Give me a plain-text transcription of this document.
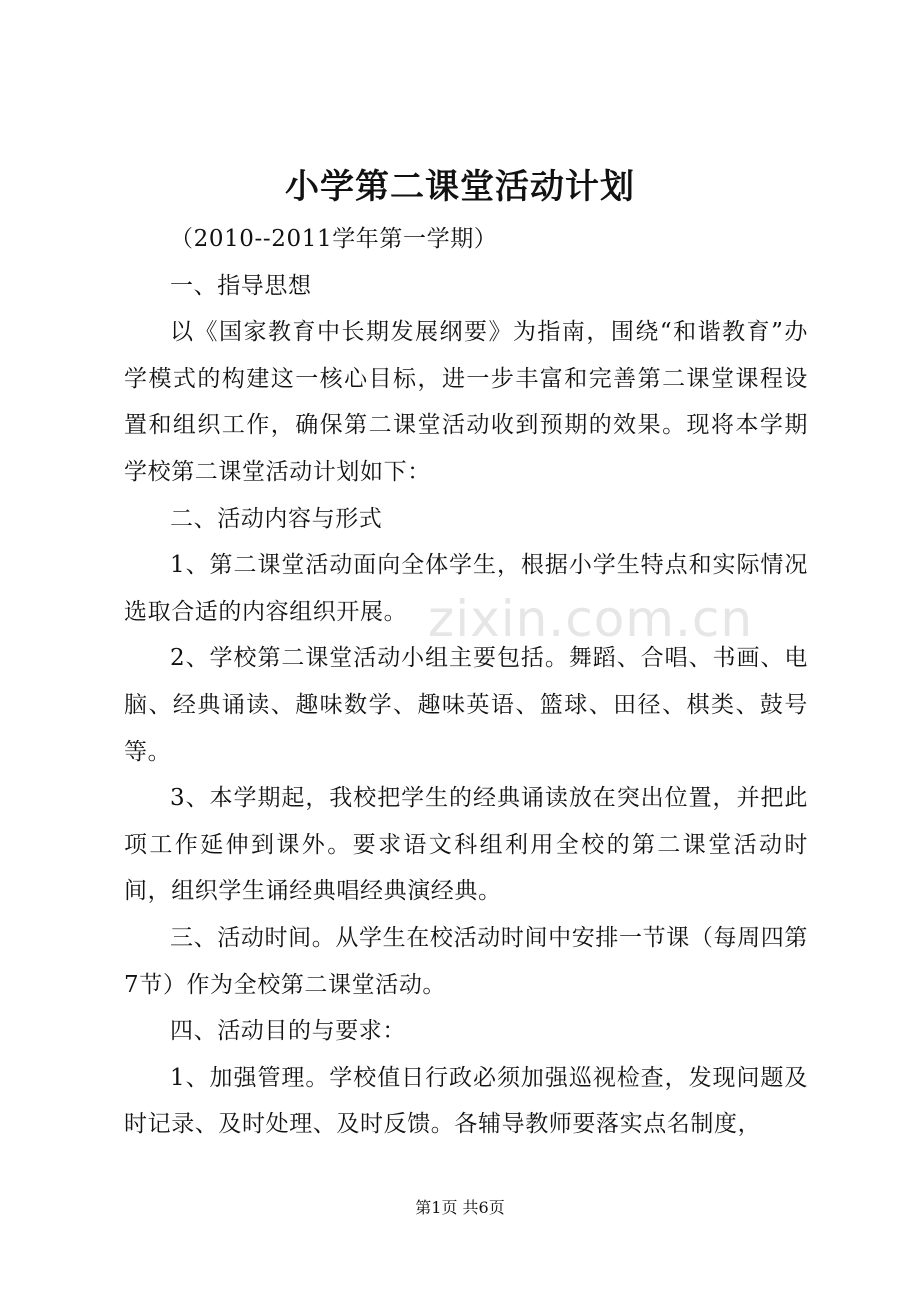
zixin.com.cn
小学第二课堂活动计划

（2010--2011学年第一学期）

一、指导思想

以《国家教育中长期发展纲要》为指南，围绕“和谐教育”办学模式的构建这一核心目标，进一步丰富和完善第二课堂课程设置和组织工作，确保第二课堂活动收到预期的效果。现将本学期学校第二课堂活动计划如下：

二、活动内容与形式

1、第二课堂活动面向全体学生，根据小学生特点和实际情况选取合适的内容组织开展。

2、学校第二课堂活动小组主要包括。舞蹈、合唱、书画、电脑、经典诵读、趣味数学、趣味英语、篮球、田径、棋类、鼓号等。

3、本学期起，我校把学生的经典诵读放在突出位置，并把此项工作延伸到课外。要求语文科组利用全校的第二课堂活动时间，组织学生诵经典唱经典演经典。

三、活动时间。从学生在校活动时间中安排一节课（每周四第7节）作为全校第二课堂活动。

四、活动目的与要求：

1、加强管理。学校值日行政必须加强巡视检查，发现问题及时记录、及时处理、及时反馈。各辅导教师要落实点名制度，

第1页 共6页
